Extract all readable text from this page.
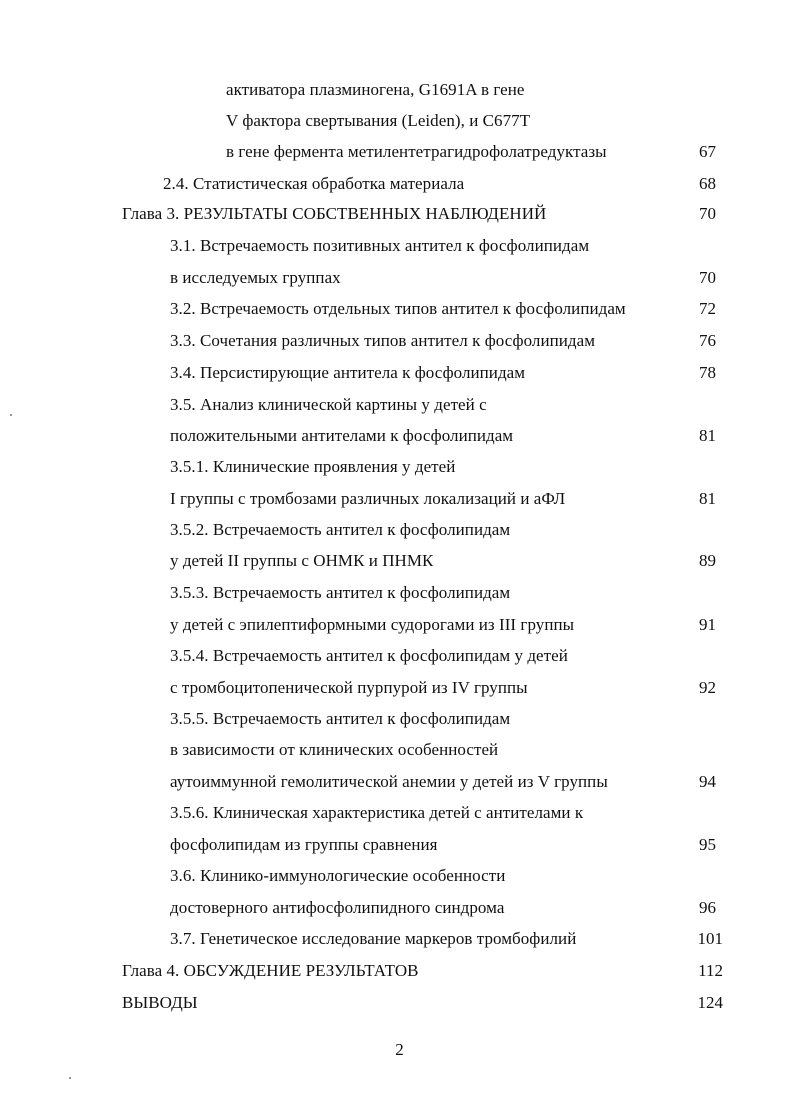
активатора плазминогена, G1691A в гене
V фактора свертывания (Leiden), и C677T
в гене фермента метилентетрагидрофолатредуктазы	67
2.4. Статистическая обработка материала	68
Глава 3. РЕЗУЛЬТАТЫ СОБСТВЕННЫХ НАБЛЮДЕНИЙ	70
3.1. Встречаемость позитивных антител к фосфолипидам
в исследуемых группах	70
3.2. Встречаемость отдельных типов антител к фосфолипидам	72
3.3. Сочетания различных типов антител к фосфолипидам	76
3.4. Персистирующие антитела к фосфолипидам	78
3.5. Анализ клинической картины у детей с
положительными антителами к фосфолипидам	81
3.5.1. Клинические проявления у детей
I группы с тромбозами различных локализаций и аФЛ	81
3.5.2. Встречаемость антител к фосфолипидам
у детей II группы с ОНМК и ПНМК	89
3.5.3. Встречаемость антител к фосфолипидам
у детей с эпилептиформными судорогами из III группы	91
3.5.4. Встречаемость антител к фосфолипидам у детей
с тромбоцитопенической пурпурой из IV группы	92
3.5.5. Встречаемость антител к фосфолипидам
в зависимости от клинических особенностей
аутоиммунной гемолитической анемии у детей из V группы	94
3.5.6. Клиническая характеристика детей с антителами к
фосфолипидам из группы сравнения	95
3.6. Клинико-иммунологические особенности
достоверного антифосфолипидного синдрома	96
3.7. Генетическое исследование маркеров тромбофилий	101
Глава 4. ОБСУЖДЕНИЕ РЕЗУЛЬТАТОВ	112
ВЫВОДЫ	124
2
